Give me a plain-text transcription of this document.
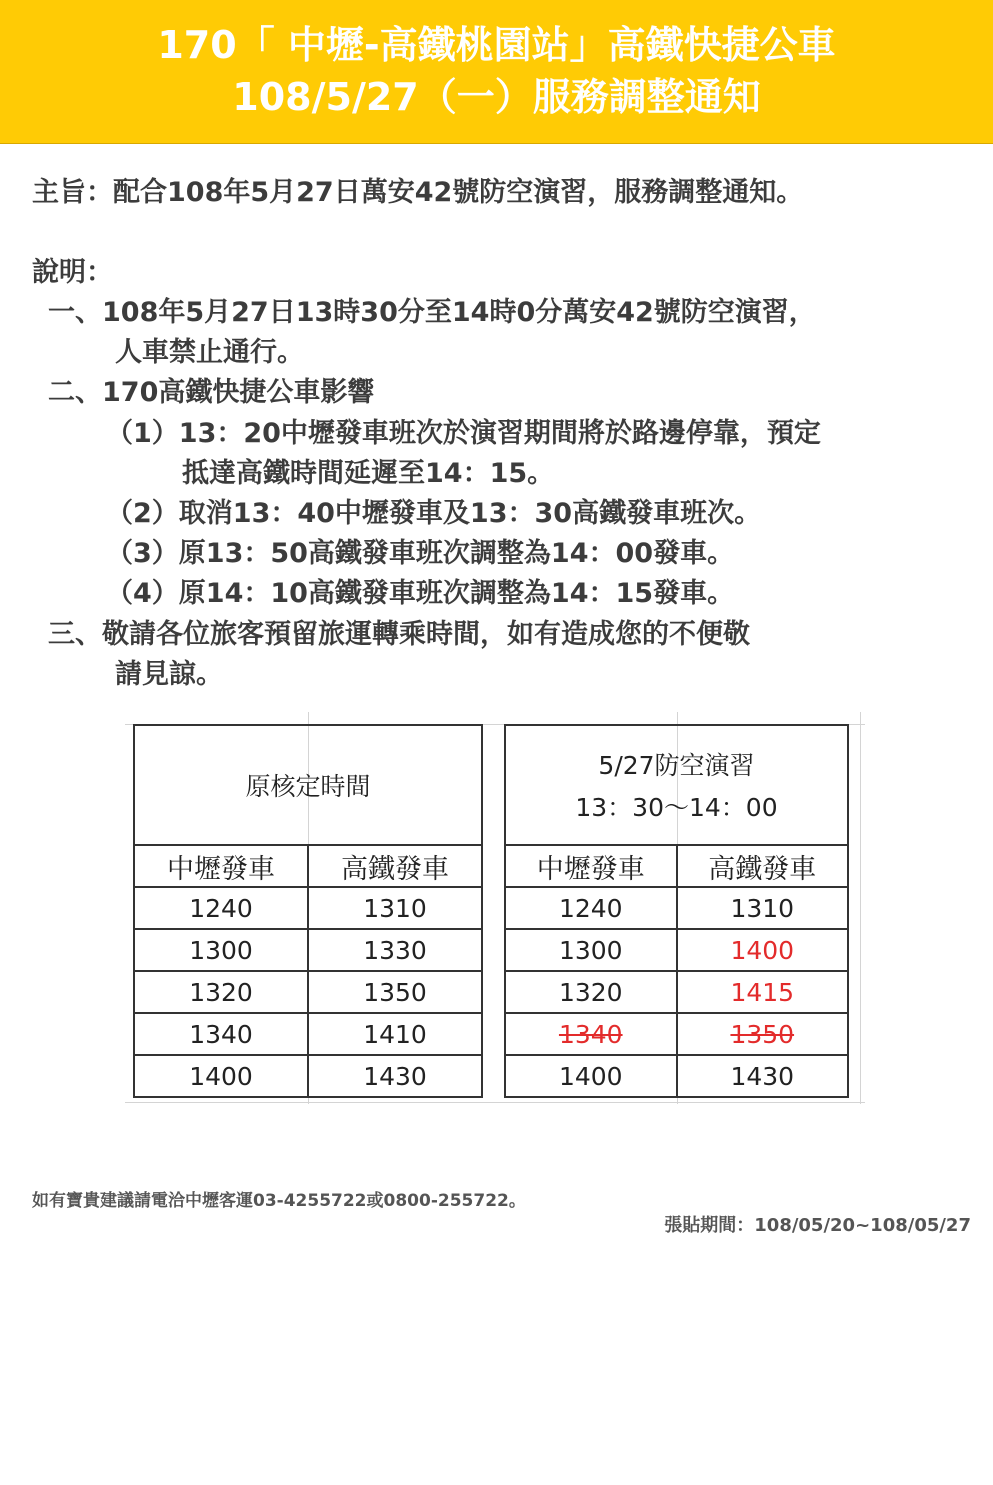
170「 中壢-高鐵桃園站」高鐵快捷公車
108/5/27（一）服務調整通知
主旨：配合108年5月27日萬安42號防空演習，服務調整通知。
說明：
一、108年5月27日13時30分至14時0分萬安42號防空演習，
人車禁止通行。
二、170高鐵快捷公車影響
（1）13：20中壢發車班次於演習期間將於路邊停靠，預定
抵達高鐵時間延遲至14：15。
（2）取消13：40中壢發車及13：30高鐵發車班次。
（3）原13：50高鐵發車班次調整為14：00發車。
（4）原14：10高鐵發車班次調整為14：15發車。
三、敬請各位旅客預留旅運轉乘時間，如有造成您的不便敬
請見諒。
原核定時間	
中壢發車	高鐵發車
1240	1310
1300	1330
1320	1350
1340	1410
1400	1430
5/27防空演習
13：30～14：00	

中壢發車	高鐵發車
1240	1310
1300	1400
1320	1415
1340	1350
1400	1430
如有寶貴建議請電洽中壢客運03-4255722或0800-255722。
張貼期間：108/05/20~108/05/27
